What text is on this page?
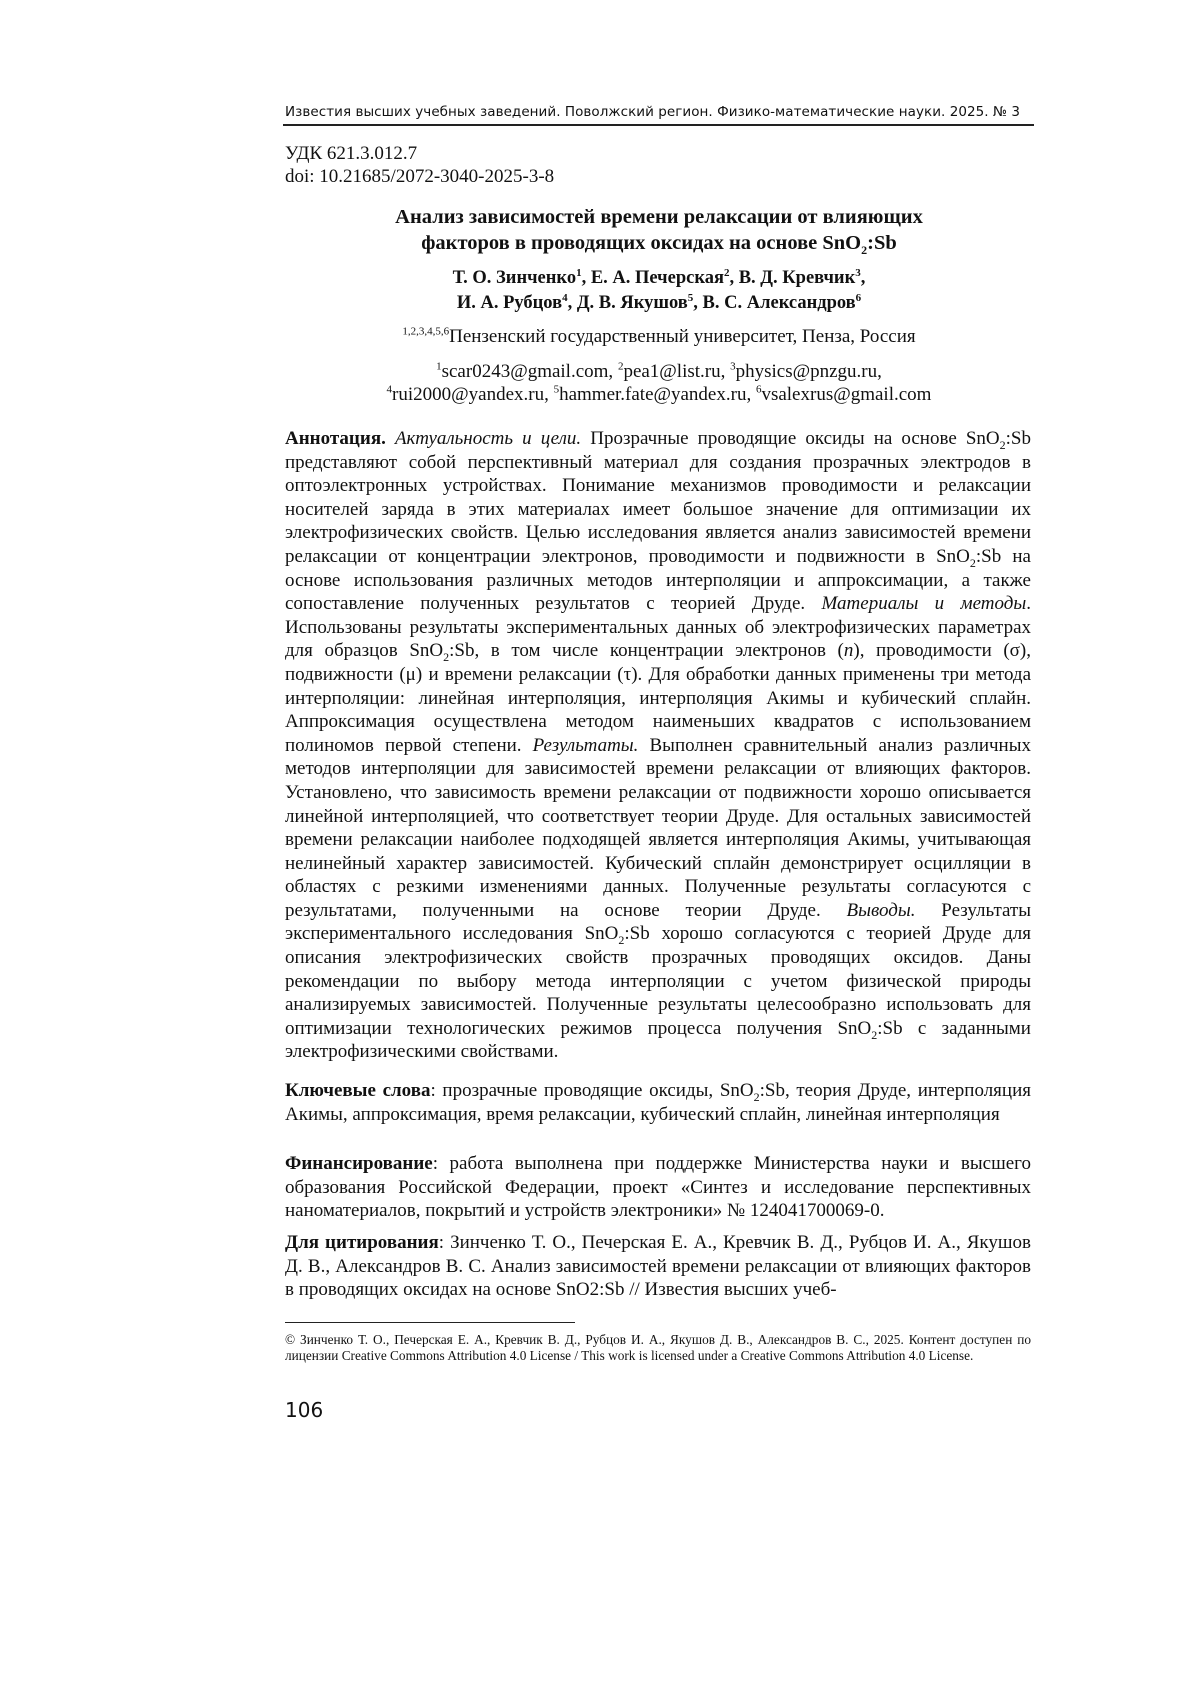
Известия высших учебных заведений. Поволжский регион. Физико-математические науки. 2025. № 3
УДК 621.3.012.7
doi: 10.21685/2072-3040-2025-3-8
Анализ зависимостей времени релаксации от влияющих
факторов в проводящих оксидах на основе SnO$_2$:Sb
Т. О. Зинченко$^1$, Е. А. Печерская$^2$, В. Д. Кревчик$^3$,
И. А. Рубцов$^4$, Д. В. Якушов$^5$, В. С. Александров$^6$
$^{1,2,3,4,5,6}$Пензенский государственный университет, Пенза, Россия
$^1$scar0243@gmail.com, $^2$pea1@list.ru, $^3$physics@pnzgu.ru,
$^4$rui2000@yandex.ru, $^5$hammer.fate@yandex.ru, $^6$vsalexrus@gmail.com

Аннотация. Актуальность и цели. Прозрачные проводящие оксиды на основе SnO$_2$:Sb представляют собой перспективный материал для создания прозрачных электродов в оптоэлектронных устройствах. Понимание механизмов проводимости и релаксации носителей заряда в этих материалах имеет большое значение для оптимизации их электрофизических свойств. Целью исследования является анализ зависимостей времени релаксации от концентрации электронов, проводимости и подвижности в SnO$_2$:Sb на основе использования различных методов интерполяции и аппроксимации, а также сопоставление полученных результатов с теорией Друде. Материалы и методы. Использованы результаты экспериментальных данных об электрофизических параметрах для образцов SnO$_2$:Sb, в том числе концентрации электронов (n), проводимости (σ), подвижности (μ) и времени релаксации (τ). Для обработки данных применены три метода интерполяции: линейная интерполяция, интерполяция Акимы и кубический сплайн. Аппроксимация осуществлена методом наименьших квадратов с использованием полиномов первой степени. Результаты. Выполнен сравнительный анализ различных методов интерполяции для зависимостей времени релаксации от влияющих факторов. Установлено, что зависимость времени релаксации от подвижности хорошо описывается линейной интерполяцией, что соответствует теории Друде. Для остальных зависимостей времени релаксации наиболее подходящей является интерполяция Акимы, учитывающая нелинейный характер зависимостей. Кубический сплайн демонстрирует осцилляции в областях с резкими изменениями данных. Полученные результаты согласуются с результатами, полученными на основе теории Друде. Выводы. Результаты экспериментального исследования SnO$_2$:Sb хорошо согласуются с теорией Друде для описания электрофизических свойств прозрачных проводящих оксидов. Даны рекомендации по выбору метода интерполяции с учетом физической природы анализируемых зависимостей. Полученные результаты целесообразно использовать для оптимизации технологических режимов процесса получения SnO$_2$:Sb с заданными электрофизическими свойствами.

Ключевые слова: прозрачные проводящие оксиды, SnO$_2$:Sb, теория Друде, интерполяция Акимы, аппроксимация, время релаксации, кубический сплайн, линейная интерполяция

Финансирование: работа выполнена при поддержке Министерства науки и высшего образования Российской Федерации, проект «Синтез и исследование перспективных наноматериалов, покрытий и устройств электроники» № 124041700069-0.

Для цитирования: Зинченко Т. О., Печерская Е. А., Кревчик В. Д., Рубцов И. А., Якушов Д. В., Александров В. С. Анализ зависимостей времени релаксации от влияющих факторов в проводящих оксидах на основе SnO2:Sb // Известия высших учеб-

© Зинченко Т. О., Печерская Е. А., Кревчик В. Д., Рубцов И. А., Якушов Д. В., Александров В. С., 2025. Контент доступен по лицензии Creative Commons Attribution 4.0 License / This work is licensed under a Creative Commons Attribution 4.0 License.
106
